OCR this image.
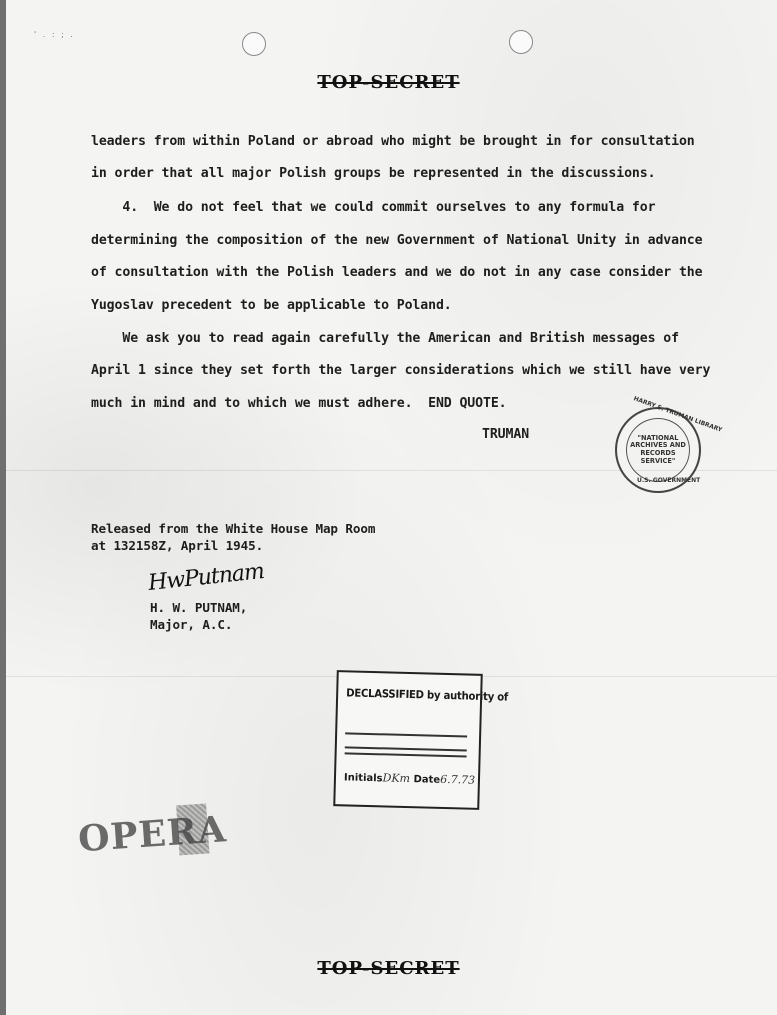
' . : ; .
TOP-SECRET
leaders from within Poland or abroad who might be brought in for consultation
in order that all major Polish groups be represented in the discussions.
4.  We do not feel that we could commit ourselves to any formula for
determining the composition of the new Government of National Unity in advance
of consultation with the Polish leaders and we do not in any case consider the
Yugoslav precedent to be applicable to Poland.
We ask you to read again carefully the American and British messages of
April 1 since they set forth the larger considerations which we still have very
much in mind and to which we must adhere.  END QUOTE.
TRUMAN
HARRY S. TRUMAN LIBRARY
"NATIONAL
ARCHIVES AND
RECORDS
SERVICE"
U.S. GOVERNMENT
Released from the White House Map Room
at 132158Z, April 1945.
HwPutnam
H. W. PUTNAM,
Major, A.C.
DECLASSIFIED by authority of
InitialsDKm Date6.7.73
OPERA
TOP-SECRET
